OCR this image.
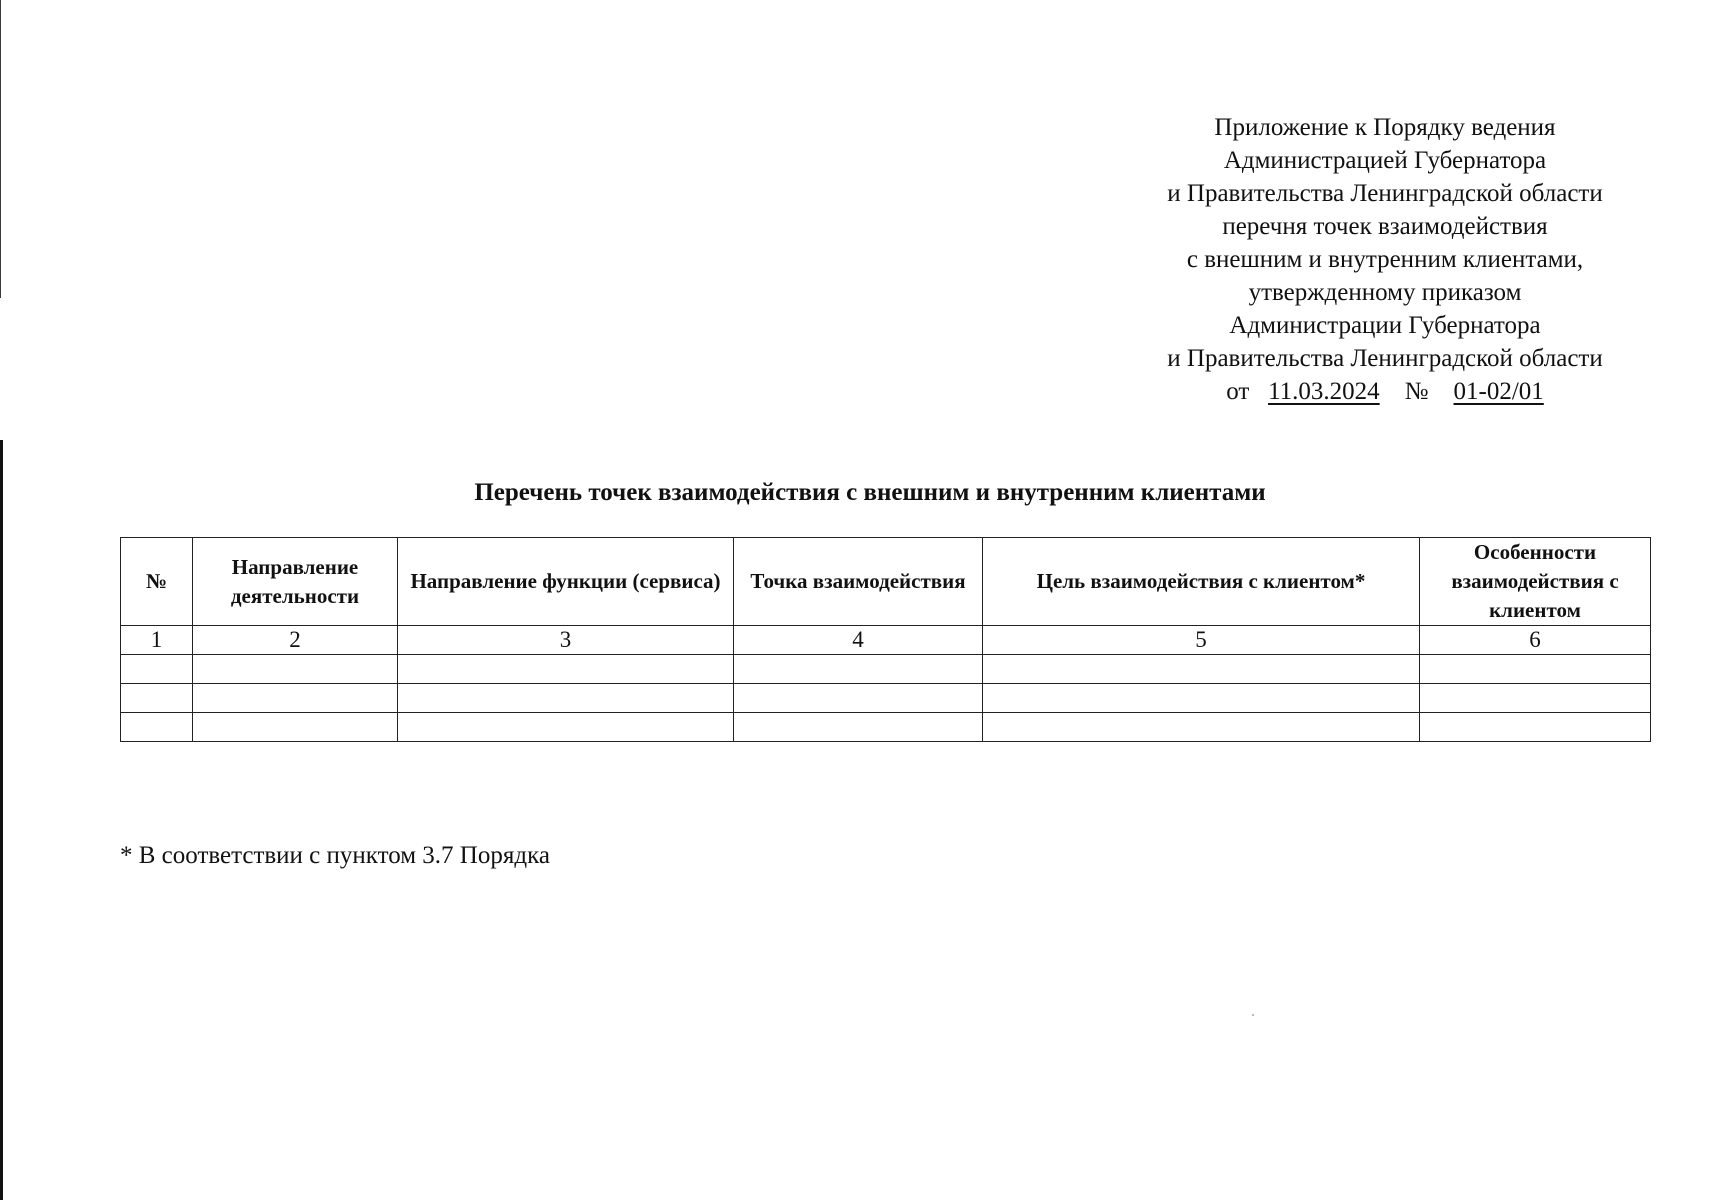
Приложение к Порядку ведения
Администрацией Губернатора
и Правительства Ленинградской области
перечня точек взаимодействия
с внешним и внутренним клиентами,
утвержденному приказом
Администрации Губернатора
и Правительства Ленинградской области
от 11.03.2024 № 01-02/01
Перечень точек взаимодействия с внешним и внутренним клиентами
№	Направление деятельности	Направление функции (сервиса)	Точка взаимодействия	Цель взаимодействия с клиентом*	Особенности взаимодействия с клиентом
1	2	3	4	5	6

* В соответствии с пунктом 3.7 Порядка
